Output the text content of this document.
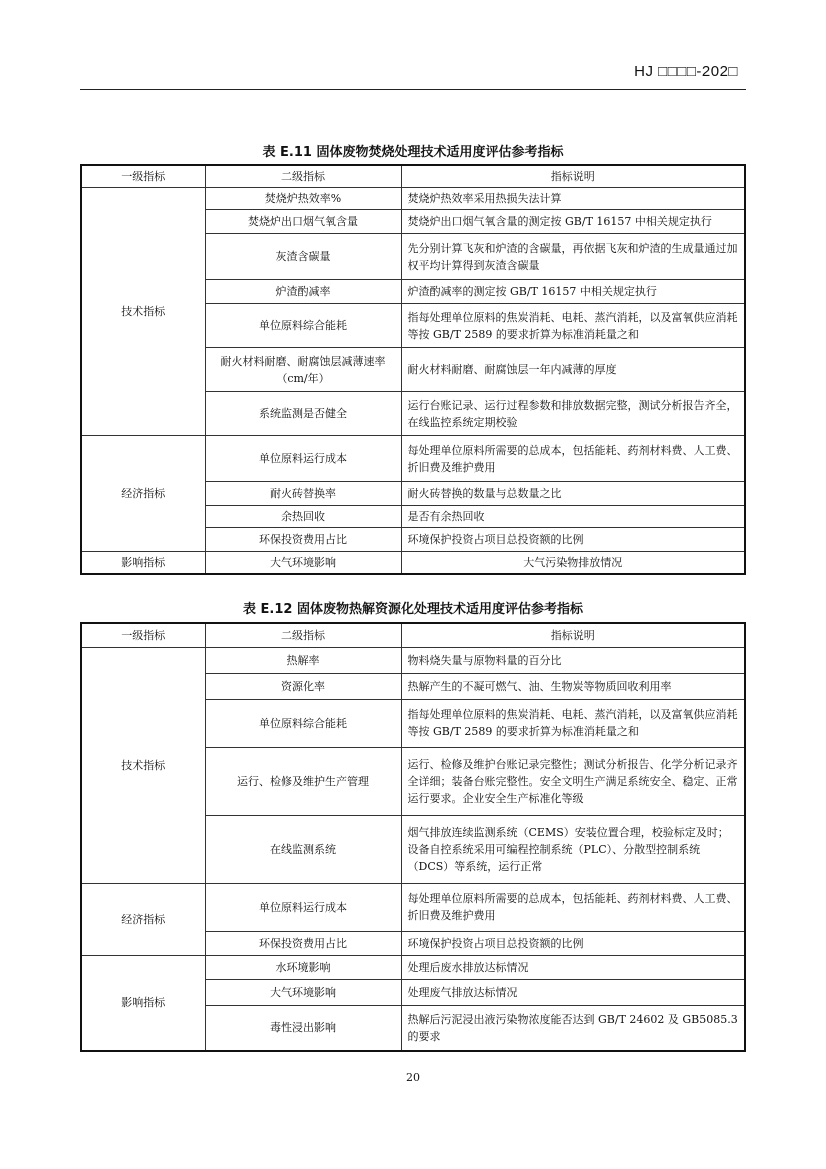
HJ □□□□-202□
表 E.11 固体废物焚烧处理技术适用度评估参考指标
一级指标	二级指标	指标说明
技术指标	焚烧炉热效率%	焚烧炉热效率采用热损失法计算
	焚烧炉出口烟气氧含量	焚烧炉出口烟气氧含量的测定按 GB/T 16157 中相关规定执行
	灰渣含碳量	先分别计算飞灰和炉渣的含碳量，再依据飞灰和炉渣的生成量通过加权平均计算得到灰渣含碳量
	炉渣酌减率	炉渣酌减率的测定按 GB/T 16157 中相关规定执行
	单位原料综合能耗	指每处理单位原料的焦炭消耗、电耗、蒸汽消耗，以及富氧供应消耗等按 GB/T 2589 的要求折算为标准消耗量之和
	耐火材料耐磨、耐腐蚀层减薄速率（cm/年）	耐火材料耐磨、耐腐蚀层一年内减薄的厚度
	系统监测是否健全	运行台账记录、运行过程参数和排放数据完整，测试分析报告齐全，在线监控系统定期校验
经济指标	单位原料运行成本	每处理单位原料所需要的总成本，包括能耗、药剂材料费、人工费、折旧费及维护费用
	耐火砖替换率	耐火砖替换的数量与总数量之比
	余热回收	是否有余热回收
	环保投资费用占比	环境保护投资占项目总投资额的比例
影响指标	大气环境影响	大气污染物排放情况
表 E.12 固体废物热解资源化处理技术适用度评估参考指标
一级指标	二级指标	指标说明
技术指标	热解率	物料烧失量与原物料量的百分比
	资源化率	热解产生的不凝可燃气、油、生物炭等物质回收利用率
	单位原料综合能耗	指每处理单位原料的焦炭消耗、电耗、蒸汽消耗，以及富氧供应消耗等按 GB/T 2589 的要求折算为标准消耗量之和
	运行、检修及维护生产管理	运行、检修及维护台账记录完整性；测试分析报告、化学分析记录齐全详细；装备台账完整性。安全文明生产满足系统安全、稳定、正常运行要求。企业安全生产标准化等级
	在线监测系统	烟气排放连续监测系统（CEMS）安装位置合理，校验标定及时；设备自控系统采用可编程控制系统（PLC）、分散型控制系统（DCS）等系统，运行正常
经济指标	单位原料运行成本	每处理单位原料所需要的总成本，包括能耗、药剂材料费、人工费、折旧费及维护费用
	环保投资费用占比	环境保护投资占项目总投资额的比例
影响指标	水环境影响	处理后废水排放达标情况
	大气环境影响	处理废气排放达标情况
	毒性浸出影响	热解后污泥浸出液污染物浓度能否达到 GB/T 24602 及 GB5085.3 的要求
20
